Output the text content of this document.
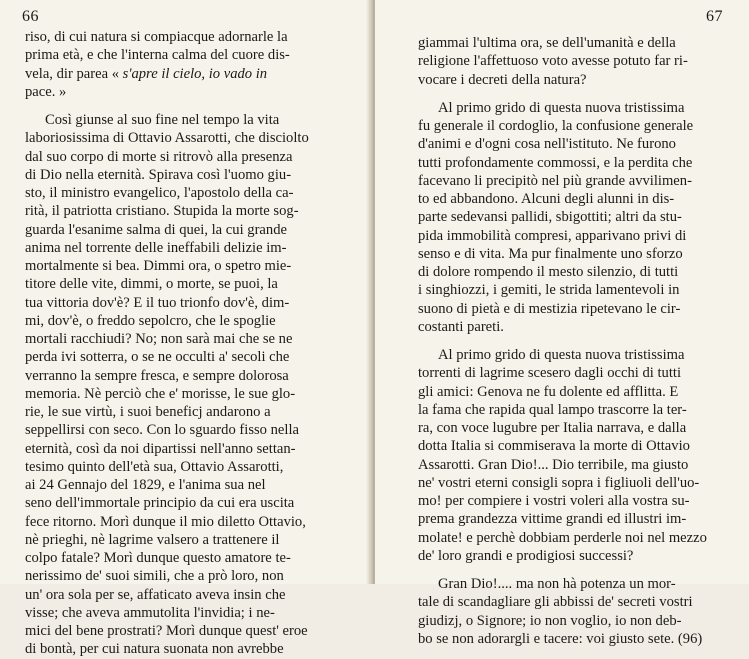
66
riso, di cui natura si compiacque adornarle la
prima età, e che l'interna calma del cuore dis-
vela, dir parea « s'apre il cielo, io vado in
pace. »
Così giunse al suo fine nel tempo la vita
laboriosissima di Ottavio Assarotti, che disciolto
dal suo corpo di morte si ritrovò alla presenza
di Dio nella eternità. Spirava così l'uomo giu-
sto, il ministro evangelico, l'apostolo della ca-
rità, il patriotta cristiano. Stupida la morte sog-
guarda l'esanime salma di quei, la cui grande
anima nel torrente delle ineffabili delizie im-
mortalmente si bea. Dimmi ora, o spetro mie-
titore delle vite, dimmi, o morte, se puoi, la
tua vittoria dov'è? E il tuo trionfo dov'è, dim-
mi, dov'è, o freddo sepolcro, che le spoglie
mortali racchiudi? No; non sarà mai che se ne
perda ivi sotterra, o se ne occulti a' secoli che
verranno la sempre fresca, e sempre dolorosa
memoria. Nè perciò che e' morisse, le sue glo-
rie, le sue virtù, i suoi beneficj andarono a
seppellirsi con seco. Con lo sguardo fisso nella
eternità, così da noi dipartissi nell'anno settan-
tesimo quinto dell'età sua, Ottavio Assarotti,
ai 24 Gennajo del 1829, e l'anima sua nel
seno dell'immortale principio da cui era uscita
fece ritorno. Morì dunque il mio diletto Ottavio,
nè prieghi, nè lagrime valsero a trattenere il
colpo fatale? Morì dunque questo amatore te-
nerissimo de' suoi simili, che a prò loro, non
un' ora sola per se, affaticato aveva insin che
visse; che aveva ammutolita l'invidia; i ne-
mici del bene prostrati? Morì dunque quest' eroe
di bontà, per cui natura suonata non avrebbe
67
giammai l'ultima ora, se dell'umanità e della
religione l'affettuoso voto avesse potuto far ri-
vocare i decreti della natura?
Al primo grido di questa nuova tristissima
fu generale il cordoglio, la confusione generale
d'animi e d'ogni cosa nell'istituto. Ne furono
tutti profondamente commossi, e la perdita che
facevano li precipitò nel più grande avvilimen-
to ed abbandono. Alcuni degli alunni in dis-
parte sedevansi pallidi, sbigottiti; altri da stu-
pida immobilità compresi, apparivano privi di
senso e di vita. Ma pur finalmente uno sforzo
di dolore rompendo il mesto silenzio, di tutti
i singhiozzi, i gemiti, le strida lamentevoli in
suono di pietà e di mestizia ripetevano le cir-
costanti pareti.
Al primo grido di questa nuova tristissima
torrenti di lagrime scesero dagli occhi di tutti
gli amici: Genova ne fu dolente ed afflitta. E
la fama che rapida qual lampo trascorre la ter-
ra, con voce lugubre per Italia narrava, e dalla
dotta Italia si commiserava la morte di Ottavio
Assarotti. Gran Dio!... Dio terribile, ma giusto
ne' vostri eterni consigli sopra i figliuoli dell'uo-
mo! per compiere i vostri voleri alla vostra su-
prema grandezza vittime grandi ed illustri im-
molate! e perchè dobbiam perderle noi nel mezzo
de' loro grandi e prodigiosi successi?
Gran Dio!.... ma non hà potenza un mor-
tale di scandagliare gli abbissi de' secreti vostri
giudizj, o Signore; io non voglio, io non deb-
bo se non adorargli e tacere: voi giusto sete. (96)
